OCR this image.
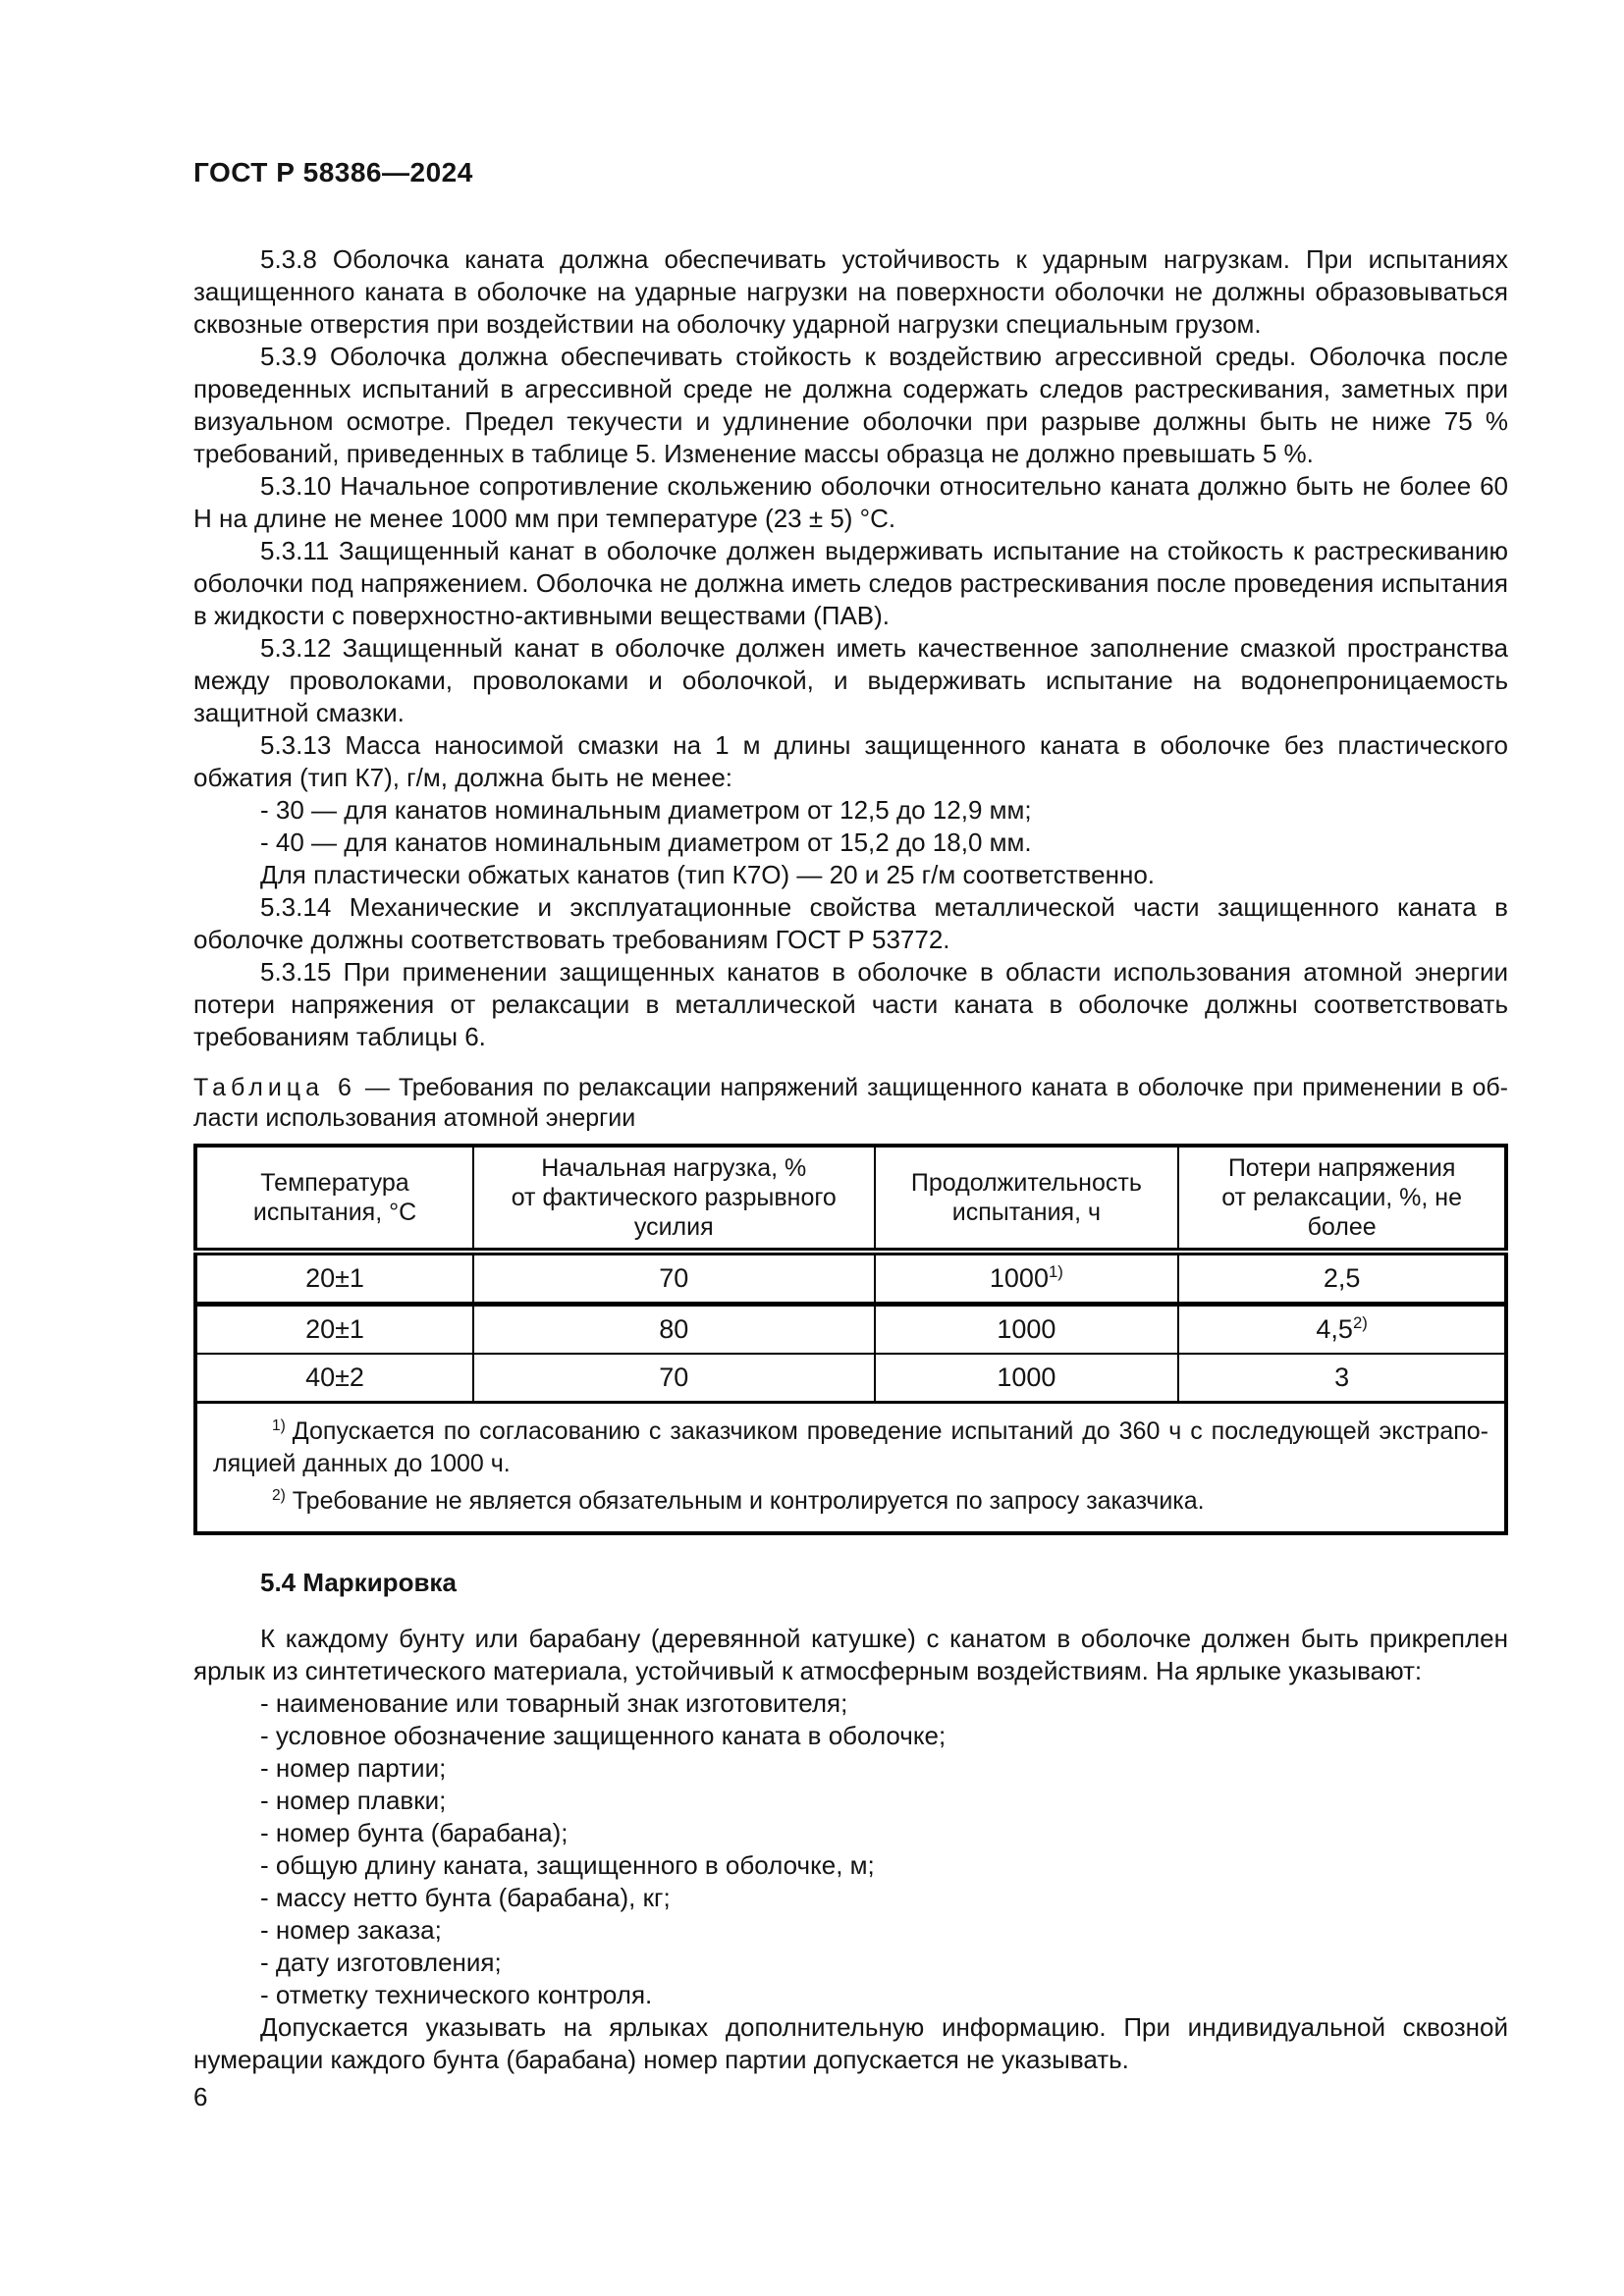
ГОСТ Р 58386—2024

5.3.8 Оболочка каната должна обеспечивать устойчивость к ударным нагрузкам. При испытаниях защищенного каната в оболочке на ударные нагрузки на поверхности оболочки не должны образовываться сквозные отверстия при воздействии на оболочку ударной нагрузки специальным грузом.

5.3.9 Оболочка должна обеспечивать стойкость к воздействию агрессивной среды. Оболочка после проведенных испытаний в агрессивной среде не должна содержать следов растрескивания, заметных при визуальном осмотре. Предел текучести и удлинение оболочки при разрыве должны быть не ниже 75 % требований, приведенных в таблице 5. Изменение массы образца не должно превышать 5 %.

5.3.10 Начальное сопротивление скольжению оболочки относительно каната должно быть не более 60 Н на длине не менее 1000 мм при температуре (23 ± 5) °С.

5.3.11 Защищенный канат в оболочке должен выдерживать испытание на стойкость к растрескиванию оболочки под напряжением. Оболочка не должна иметь следов растрескивания после проведения испытания в жидкости с поверхностно-активными веществами (ПАВ).

5.3.12 Защищенный канат в оболочке должен иметь качественное заполнение смазкой пространства между проволоками, проволоками и оболочкой, и выдерживать испытание на водонепроницаемость защитной смазки.

5.3.13 Масса наносимой смазки на 1 м длины защищенного каната в оболочке без пластического обжатия (тип К7), г/м, должна быть не менее:

- 30 — для канатов номинальным диаметром от 12,5 до 12,9 мм;
- 40 — для канатов номинальным диаметром от 15,2 до 18,0 мм.

Для пластически обжатых канатов (тип К7О) — 20 и 25 г/м соответственно.

5.3.14 Механические и эксплуатационные свойства металлической части защищенного каната в оболочке должны соответствовать требованиям ГОСТ Р 53772.

5.3.15 При применении защищенных канатов в оболочке в области использования атомной энергии потери напряжения от релаксации в металлической части каната в оболочке должны соответствовать требованиям таблицы 6.

Таблица 6 — Требования по релаксации напряжений защищенного каната в оболочке при применении в области использования атомной энергии

Температура
испытания, °С

Начальная нагрузка, %
от фактического разрывного усилия

Продолжительность
испытания, ч

Потери напряжения
от релаксации, %, не более

20±1	70	1000$^{1)}$	2,5
20±1	80	1000	4,5$^{2)}$
40±2	70	1000	3

$^{1)}$ Допускается по согласованию с заказчиком проведение испытаний до 360 ч с последующей экстраполяцией данных до 1000 ч.

$^{2)}$ Требование не является обязательным и контролируется по запросу заказчика.			

5.4 Маркировка

К каждому бунту или барабану (деревянной катушке) с канатом в оболочке должен быть прикреплен ярлык из синтетического материала, устойчивый к атмосферным воздействиям. На ярлыке указывают:

- наименование или товарный знак изготовителя;
- условное обозначение защищенного каната в оболочке;
- номер партии;
- номер плавки;
- номер бунта (барабана);
- общую длину каната, защищенного в оболочке, м;
- массу нетто бунта (барабана), кг;
- номер заказа;
- дату изготовления;
- отметку технического контроля.

Допускается указывать на ярлыках дополнительную информацию. При индивидуальной сквозной нумерации каждого бунта (барабана) номер партии допускается не указывать.

6
